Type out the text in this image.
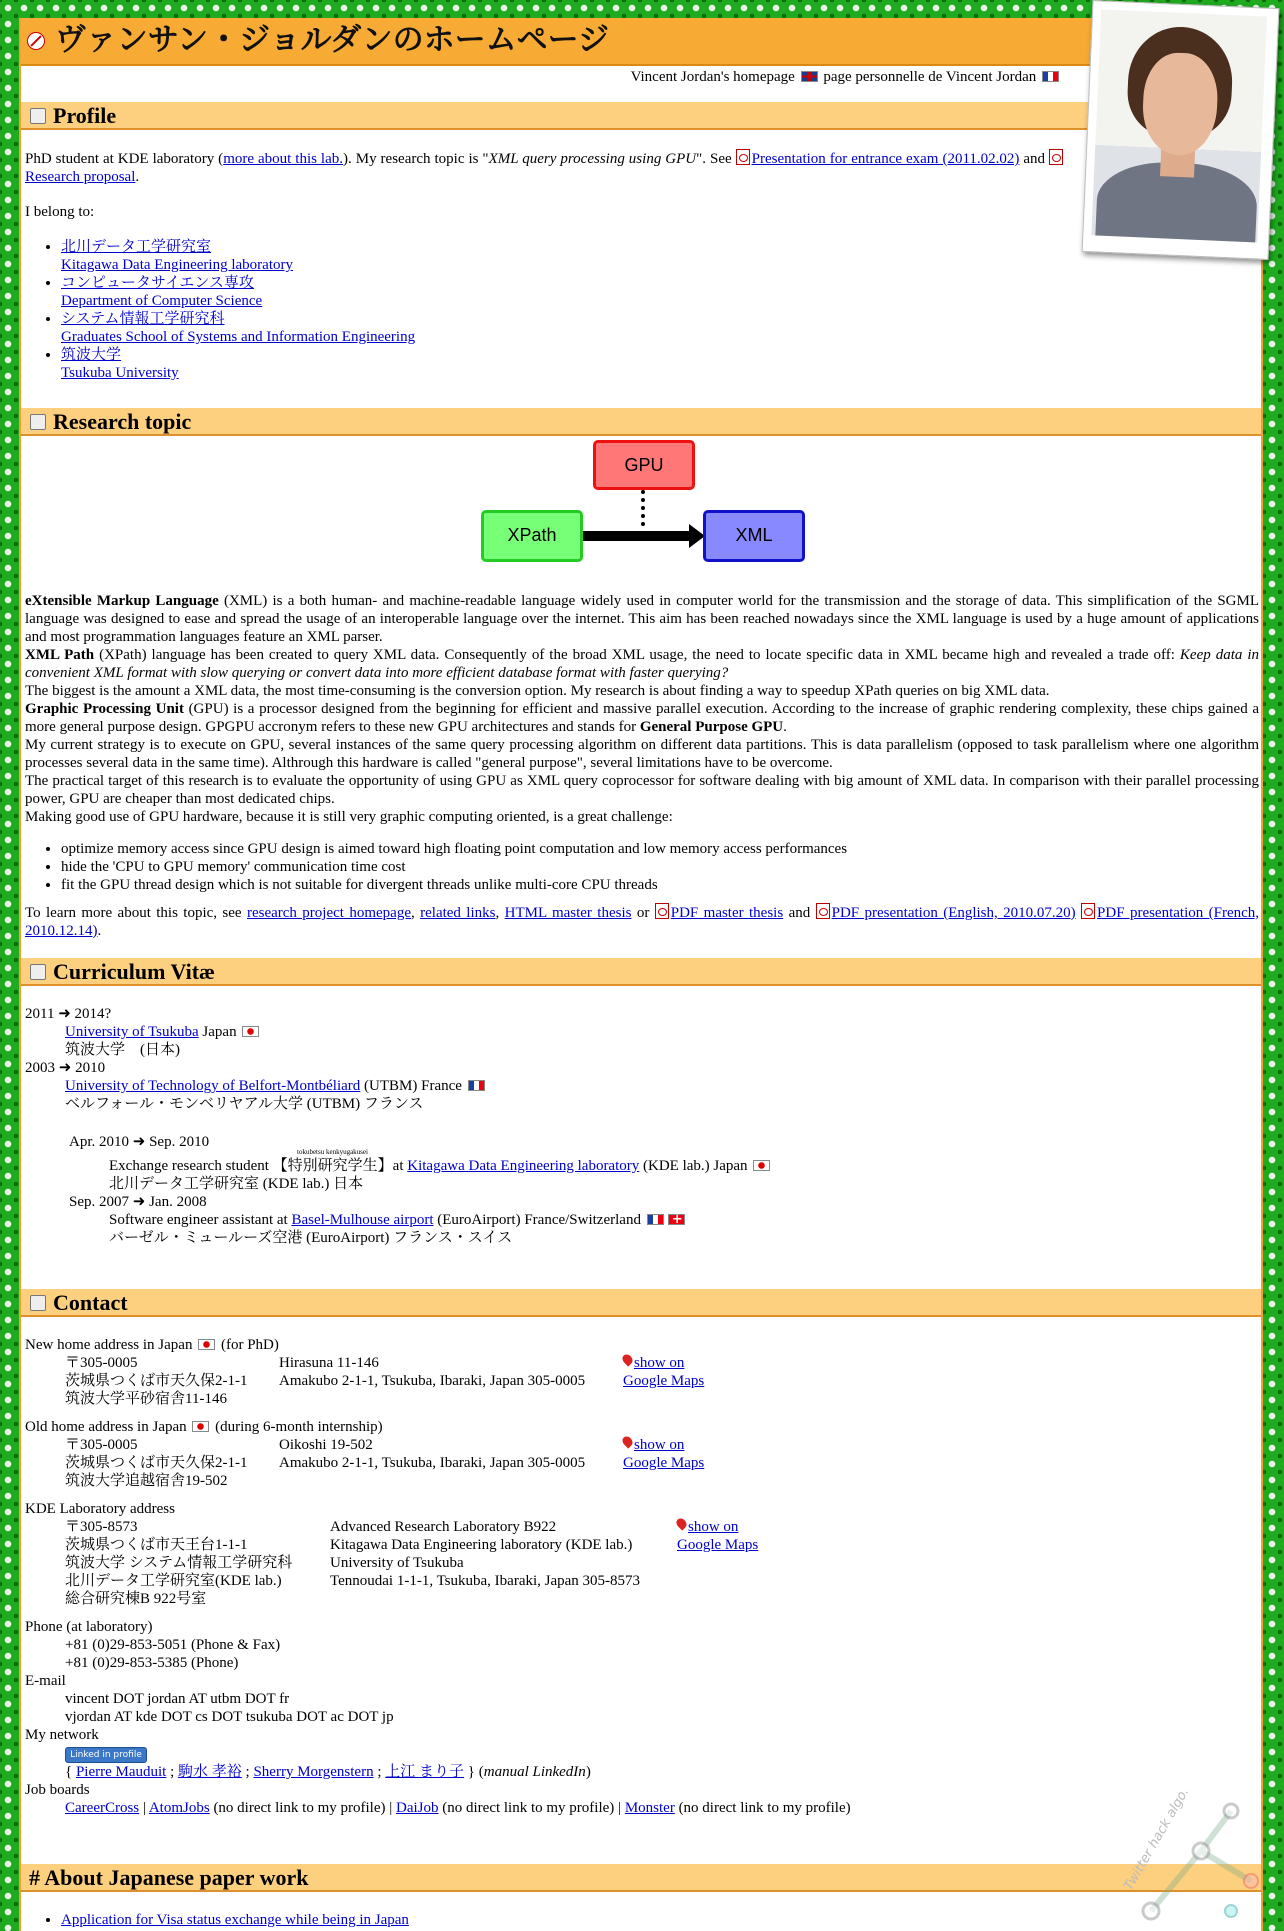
ヴァンサン・ジョルダンのホームページ
Vincent Jordan's homepage page personnelle de Vincent Jordan
Profile
PhD student at KDE laboratory (more about this lab.). My research topic is "XML query processing using GPU". See Presentation for entrance exam (2011.02.02) and Research proposal.
I belong to:
• 北川データ工学研究室
Kitagawa Data Engineering laboratory
• コンピュータサイエンス専攻
Department of Computer Science
• システム情報工学研究科
Graduates School of Systems and Information Engineering
• 筑波大学
Tsukuba University
Research topic
GPU
XPath	XML
eXtensible Markup Language (XML) is a both human- and machine-readable language widely used in computer world for the transmission and the storage of data. This simplification of the SGML language was designed to ease and spread the usage of an interoperable language over the internet. This aim has been reached nowadays since the XML language is used by a huge amount of applications and most programmation languages feature an XML parser.
XML Path (XPath) language has been created to query XML data. Consequently of the broad XML usage, the need to locate specific data in XML became high and revealed a trade off: Keep data in convenient XML format with slow querying or convert data into more efficient database format with faster querying?
The biggest is the amount a XML data, the most time-consuming is the conversion option. My research is about finding a way to speedup XPath queries on big XML data.
Graphic Processing Unit (GPU) is a processor designed from the beginning for efficient and massive parallel execution. According to the increase of graphic rendering complexity, these chips gained a more general purpose design. GPGPU accronym refers to these new GPU architectures and stands for General Purpose GPU.
My current strategy is to execute on GPU, several instances of the same query processing algorithm on different data partitions. This is data parallelism (opposed to task parallelism where one algorithm processes several data in the same time). Althrough this hardware is called "general purpose", several limitations have to be overcome.
The practical target of this research is to evaluate the opportunity of using GPU as XML query coprocessor for software dealing with big amount of XML data. In comparison with their parallel processing power, GPU are cheaper than most dedicated chips.
Making good use of GPU hardware, because it is still very graphic computing oriented, is a great challenge:
• optimize memory access since GPU design is aimed toward high floating point computation and low memory access performances
• hide the 'CPU to GPU memory' communication time cost
• fit the GPU thread design which is not suitable for divergent threads unlike multi-core CPU threads
To learn more about this topic, see research project homepage, related links, HTML master thesis or PDF master thesis and PDF presentation (English, 2010.07.20) PDF presentation (French, 2010.12.14).
Curriculum Vitæ
2011 ➜ 2014?
University of Tsukuba Japan
筑波大学　(日本)
2003 ➜ 2010
University of Technology of Belfort-Montbéliard (UTBM) France
ベルフォール・モンベリヤアル大学 (UTBM) フランス
Apr. 2010 ➜ Sep. 2010
tokubetsu kenkyugakusei
Exchange research student 【特別研究学生】at Kitagawa Data Engineering laboratory (KDE lab.) Japan
北川データ工学研究室 (KDE lab.) 日本
Sep. 2007 ➜ Jan. 2008
Software engineer assistant at Basel-Mulhouse airport (EuroAirport) France/Switzerland +
バーゼル・ミュールーズ空港 (EuroAirport) フランス・スイス
Contact
New home address in Japan (for PhD)
〒305-0005
茨城県つくば市天久保2-1-1
筑波大学平砂宿舎11-146
Hirasuna 11-146
Amakubo 2-1-1, Tsukuba, Ibaraki, Japan 305-0005
show on
Google Maps
Old home address in Japan (during 6-month internship)
〒305-0005
茨城県つくば市天久保2-1-1
筑波大学追越宿舎19-502
Oikoshi 19-502
Amakubo 2-1-1, Tsukuba, Ibaraki, Japan 305-0005
show on
Google Maps
KDE Laboratory address
〒305-8573
茨城県つくば市天王台1-1-1
筑波大学 システム情報工学研究科
北川データ工学研究室(KDE lab.)
総合研究棟B 922号室
Advanced Research Laboratory B922
Kitagawa Data Engineering laboratory (KDE lab.)
University of Tsukuba
Tennoudai 1-1-1, Tsukuba, Ibaraki, Japan 305-8573
show on
Google Maps
Phone (at laboratory)
+81 (0)29-853-5051 (Phone & Fax)
+81 (0)29-853-5385 (Phone)
E-mail
vincent DOT jordan AT utbm DOT fr
vjordan AT kde DOT cs DOT tsukuba DOT ac DOT jp
My network
Linked in profile
{ Pierre Mauduit ; 駒水 孝裕 ; Sherry Morgenstern ; 上江 まり子 } (manual LinkedIn)
Job boards
CareerCross | AtomJobs (no direct link to my profile) | DaiJob (no direct link to my profile) | Monster (no direct link to my profile)
# About Japanese paper work
• Application for Visa status exchange while being in Japan
Twitter hack algo.
